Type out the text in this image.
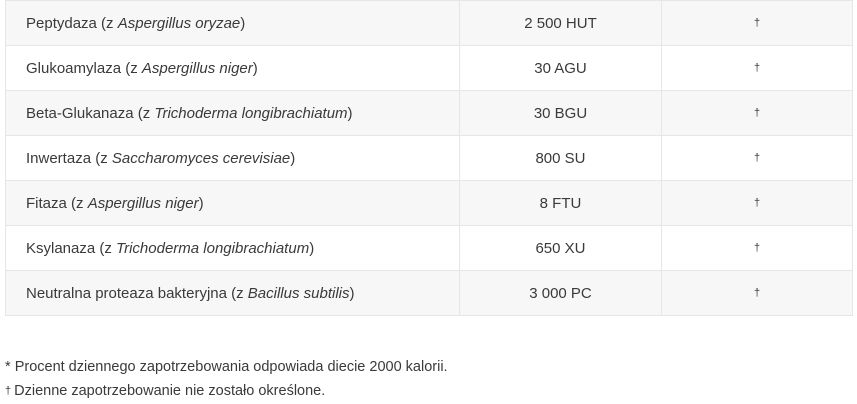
Peptydaza (z Aspergillus oryzae)	2 500 HUT	†
Glukoamylaza (z Aspergillus niger)	30 AGU	†
Beta-Glukanaza (z Trichoderma longibrachiatum)	30 BGU	†
Inwertaza (z Saccharomyces cerevisiae)	800 SU	†
Fitaza (z Aspergillus niger)	8 FTU	†
Ksylanaza (z Trichoderma longibrachiatum)	650 XU	†
Neutralna proteaza bakteryjna (z Bacillus subtilis)	3 000 PC	†
* Procent dziennego zapotrzebowania odpowiada diecie 2000 kalorii.
† Dzienne zapotrzebowanie nie zostało określone.
